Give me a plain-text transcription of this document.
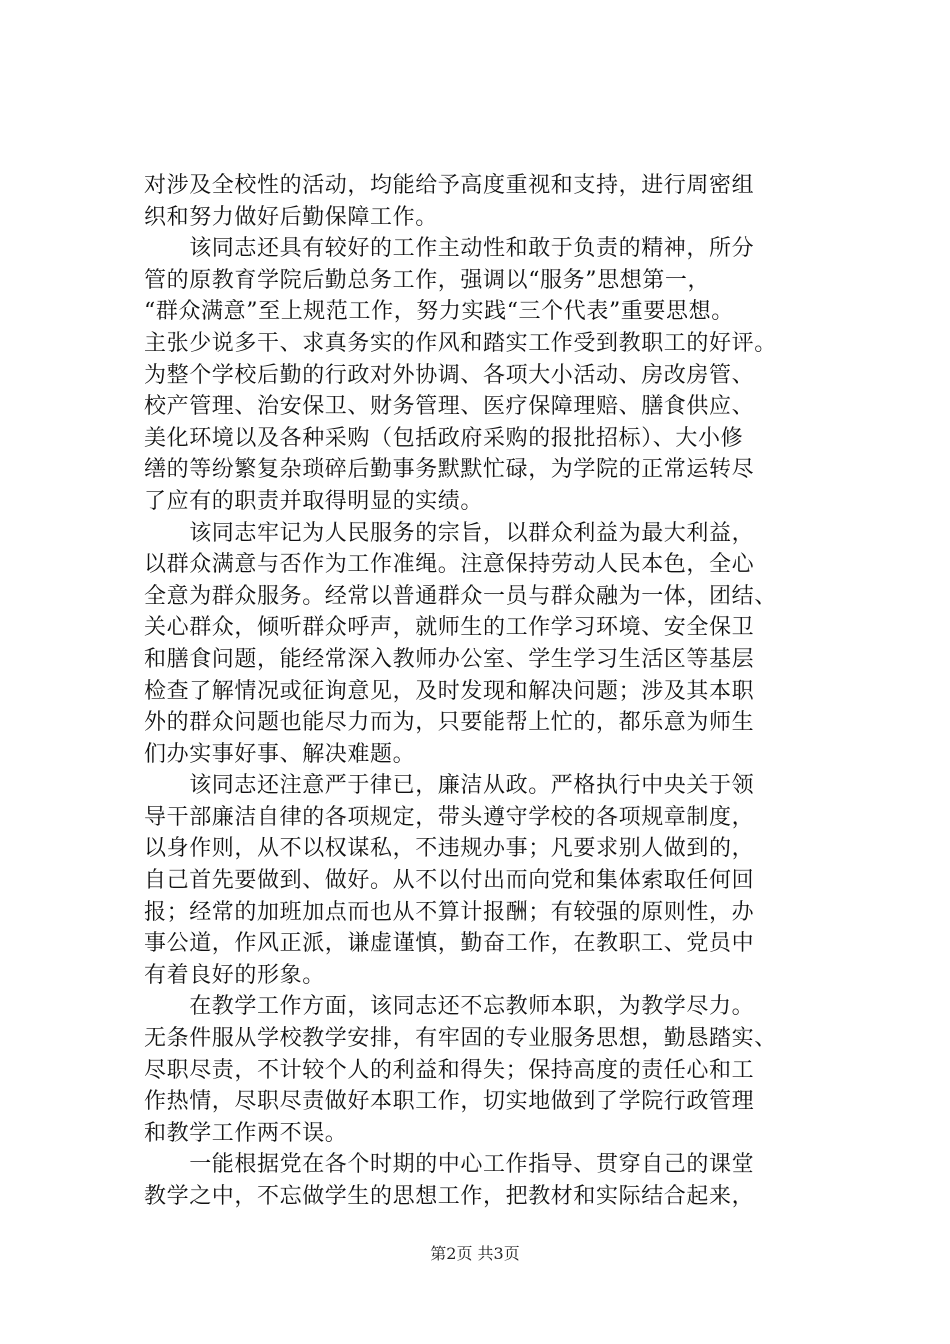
对涉及全校性的活动，均能给予高度重视和支持，进行周密组
织和努力做好后勤保障工作。
　　该同志还具有较好的工作主动性和敢于负责的精神，所分
管的原教育学院后勤总务工作，强调以“服务”思想第一，
“群众满意”至上规范工作，努力实践“三个代表”重要思想。
主张少说多干、求真务实的作风和踏实工作受到教职工的好评。
为整个学校后勤的行政对外协调、各项大小活动、房改房管、
校产管理、治安保卫、财务管理、医疗保障理赔、膳食供应、
美化环境以及各种采购（包括政府采购的报批招标）、大小修
缮的等纷繁复杂琐碎后勤事务默默忙碌，为学院的正常运转尽
了应有的职责并取得明显的实绩。
　　该同志牢记为人民服务的宗旨，以群众利益为最大利益，
以群众满意与否作为工作准绳。注意保持劳动人民本色，全心
全意为群众服务。经常以普通群众一员与群众融为一体，团结、
关心群众，倾听群众呼声，就师生的工作学习环境、安全保卫
和膳食问题，能经常深入教师办公室、学生学习生活区等基层
检查了解情况或征询意见，及时发现和解决问题；涉及其本职
外的群众问题也能尽力而为，只要能帮上忙的，都乐意为师生
们办实事好事、解决难题。
　　该同志还注意严于律已，廉洁从政。严格执行中央关于领
导干部廉洁自律的各项规定，带头遵守学校的各项规章制度，
以身作则，从不以权谋私，不违规办事；凡要求别人做到的，
自己首先要做到、做好。从不以付出而向党和集体索取任何回
报；经常的加班加点而也从不算计报酬；有较强的原则性，办
事公道，作风正派，谦虚谨慎，勤奋工作，在教职工、党员中
有着良好的形象。
　　在教学工作方面，该同志还不忘教师本职，为教学尽力。
无条件服从学校教学安排，有牢固的专业服务思想，勤恳踏实、
尽职尽责，不计较个人的利益和得失；保持高度的责任心和工
作热情，尽职尽责做好本职工作，切实地做到了学院行政管理
和教学工作两不误。
　　一能根据党在各个时期的中心工作指导、贯穿自己的课堂
教学之中，不忘做学生的思想工作，把教材和实际结合起来，
第2页 共3页
